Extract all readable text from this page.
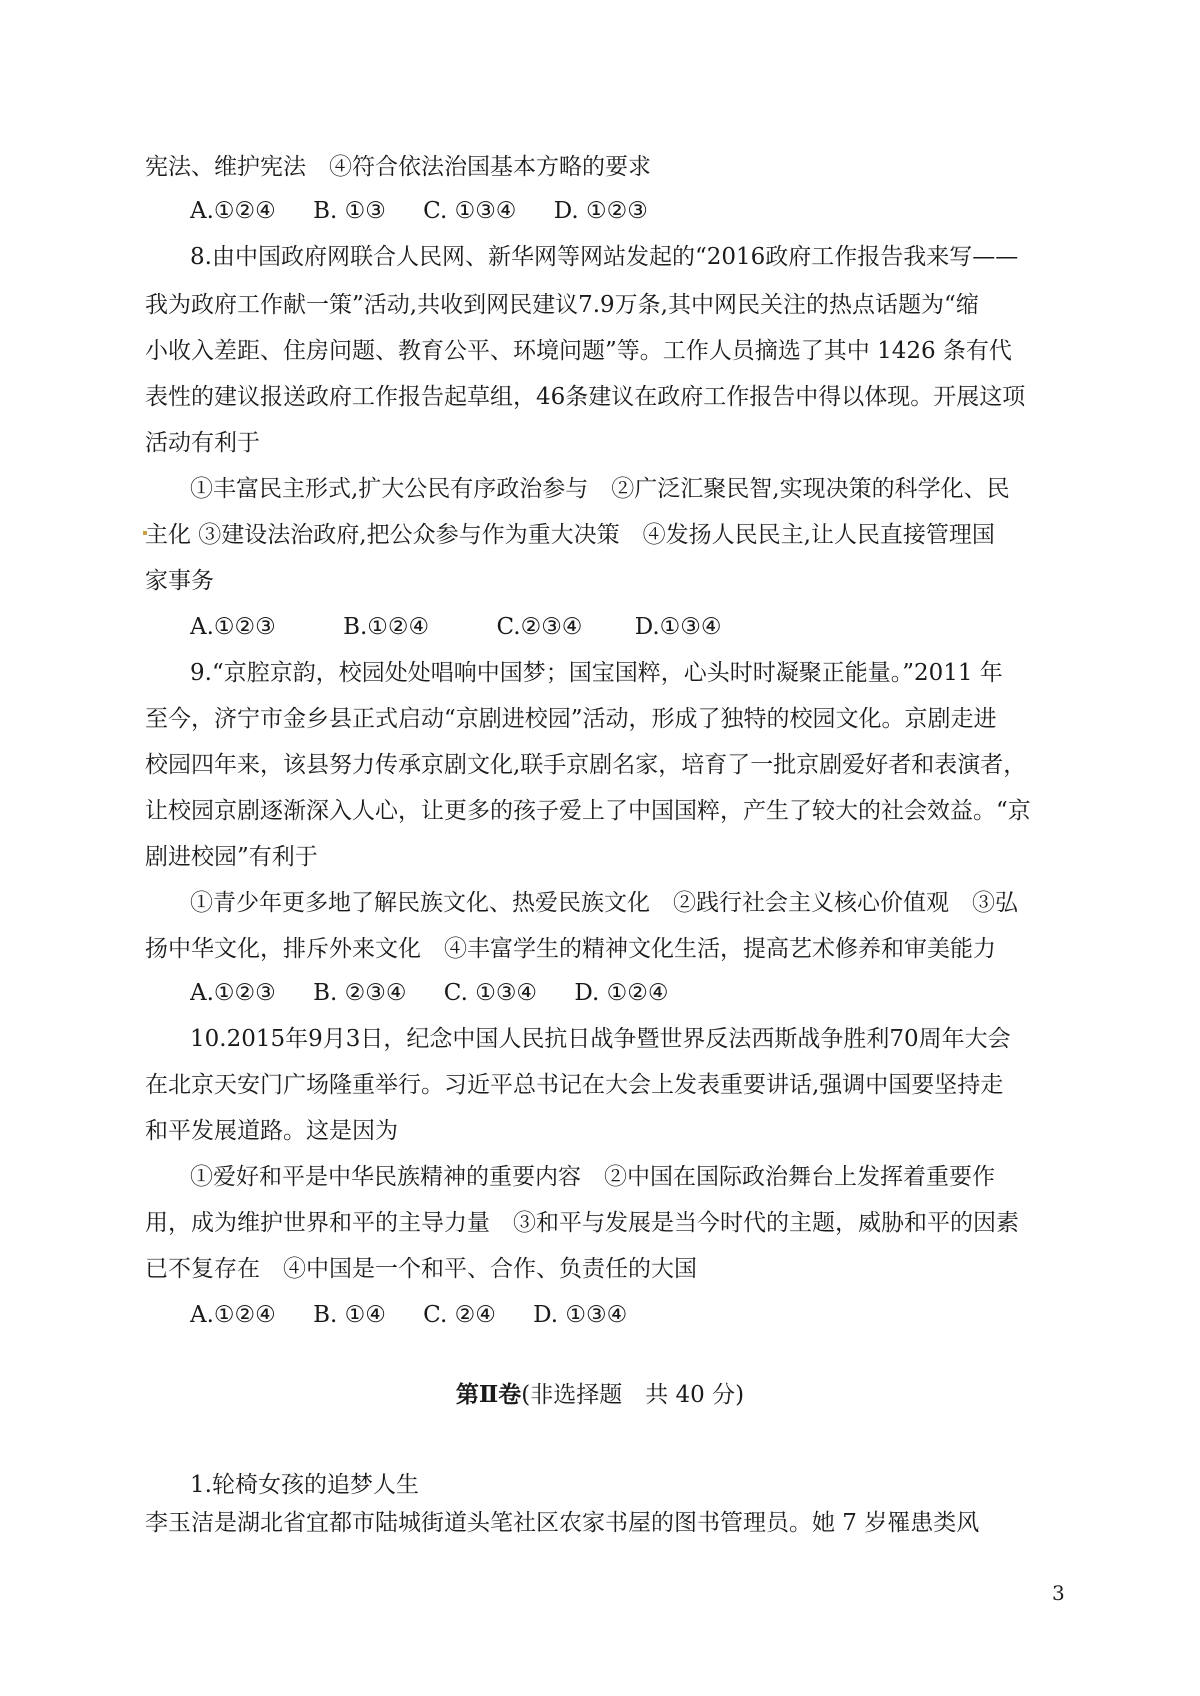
宪法、维护宪法　④符合依法治国基本方略的要求
A.①②④ B. ①③ C. ①③④ D. ①②③
8.由中国政府网联合人民网、新华网等网站发起的“2016政府工作报告我来写——
我为政府工作献一策”活动,共收到网民建议7.9万条,其中网民关注的热点话题为“缩
小收入差距、住房问题、教育公平、环境问题”等。工作人员摘选了其中 1426 条有代
表性的建议报送政府工作报告起草组，46条建议在政府工作报告中得以体现。开展这项
活动有利于
①丰富民主形式,扩大公民有序政治参与　②广泛汇聚民智,实现决策的科学化、民
主化 ③建设法治政府,把公众参与作为重大决策　④发扬人民民主,让人民直接管理国
家事务
A.①②③	B.①②④	C.②③④ D.①③④
9.“京腔京韵，校园处处唱响中国梦；国宝国粹，心头时时凝聚正能量。”2011 年
至今，济宁市金乡县正式启动“京剧进校园”活动，形成了独特的校园文化。京剧走进
校园四年来，该县努力传承京剧文化,联手京剧名家，培育了一批京剧爱好者和表演者，
让校园京剧逐渐深入人心，让更多的孩子爱上了中国国粹，产生了较大的社会效益。“京
剧进校园”有利于
①青少年更多地了解民族文化、热爱民族文化　②践行社会主义核心价值观　③弘
扬中华文化，排斥外来文化　④丰富学生的精神文化生活，提高艺术修养和审美能力
A.①②③ B. ②③④ C. ①③④ D. ①②④
10.2015年9月3日，纪念中国人民抗日战争暨世界反法西斯战争胜利70周年大会
在北京天安门广场隆重举行。习近平总书记在大会上发表重要讲话,强调中国要坚持走
和平发展道路。这是因为
①爱好和平是中华民族精神的重要内容　②中国在国际政治舞台上发挥着重要作
用，成为维护世界和平的主导力量　③和平与发展是当今时代的主题，威胁和平的因素
已不复存在　④中国是一个和平、合作、负责任的大国
A.①②④ B. ①④ C. ②④ D. ①③④
第Ⅱ卷(非选择题　共 40 分)
1.轮椅女孩的追梦人生
李玉洁是湖北省宜都市陆城街道头笔社区农家书屋的图书管理员。她 7 岁罹患类风
3
